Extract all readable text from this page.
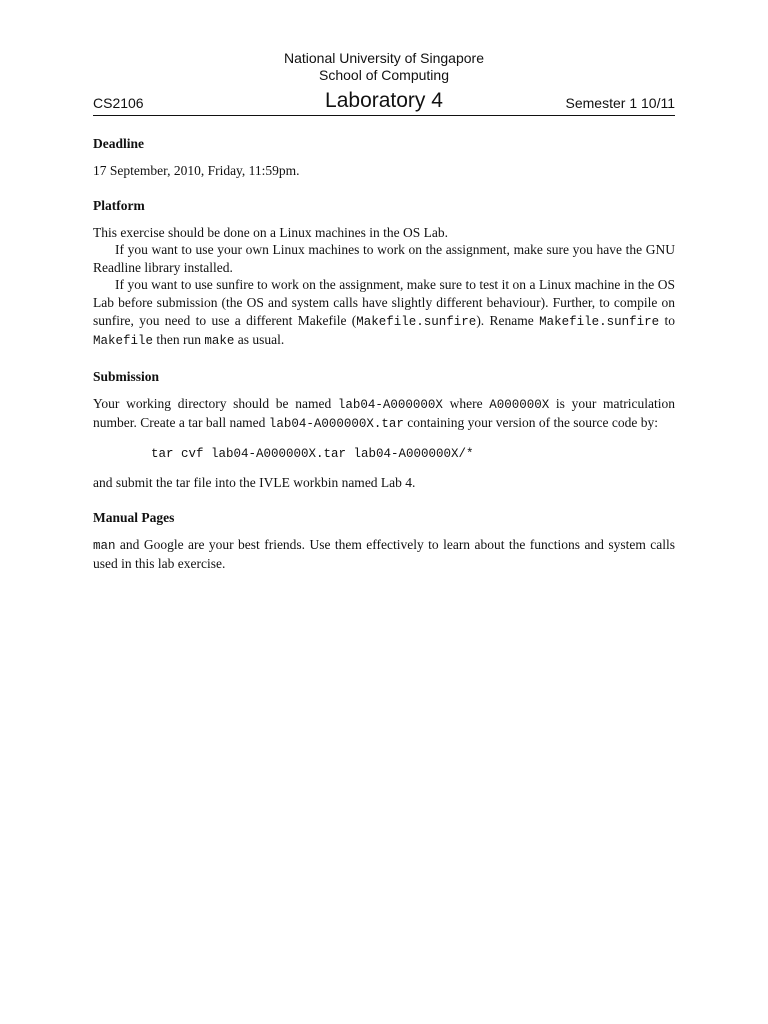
National University of Singapore
School of Computing
CS2106	Laboratory 4	Semester 1 10/11
Deadline

17 September, 2010, Friday, 11:59pm.

Platform

This exercise should be done on a Linux machines in the OS Lab.

If you want to use your own Linux machines to work on the assignment, make sure you have the GNU Readline library installed.

If you want to use sunfire to work on the assignment, make sure to test it on a Linux machine in the OS Lab before submission (the OS and system calls have slightly different behaviour). Further, to compile on sunfire, you need to use a different Makefile (Makefile.sunfire). Rename Makefile.sunfire to Makefile then run make as usual.

Submission

Your working directory should be named lab04-A000000X where A000000X is your matriculation number. Create a tar ball named lab04-A000000X.tar containing your version of the source code by:

tar cvf lab04-A000000X.tar lab04-A000000X/*

and submit the tar file into the IVLE workbin named Lab 4.

Manual Pages

man and Google are your best friends. Use them effectively to learn about the functions and system calls used in this lab exercise.
